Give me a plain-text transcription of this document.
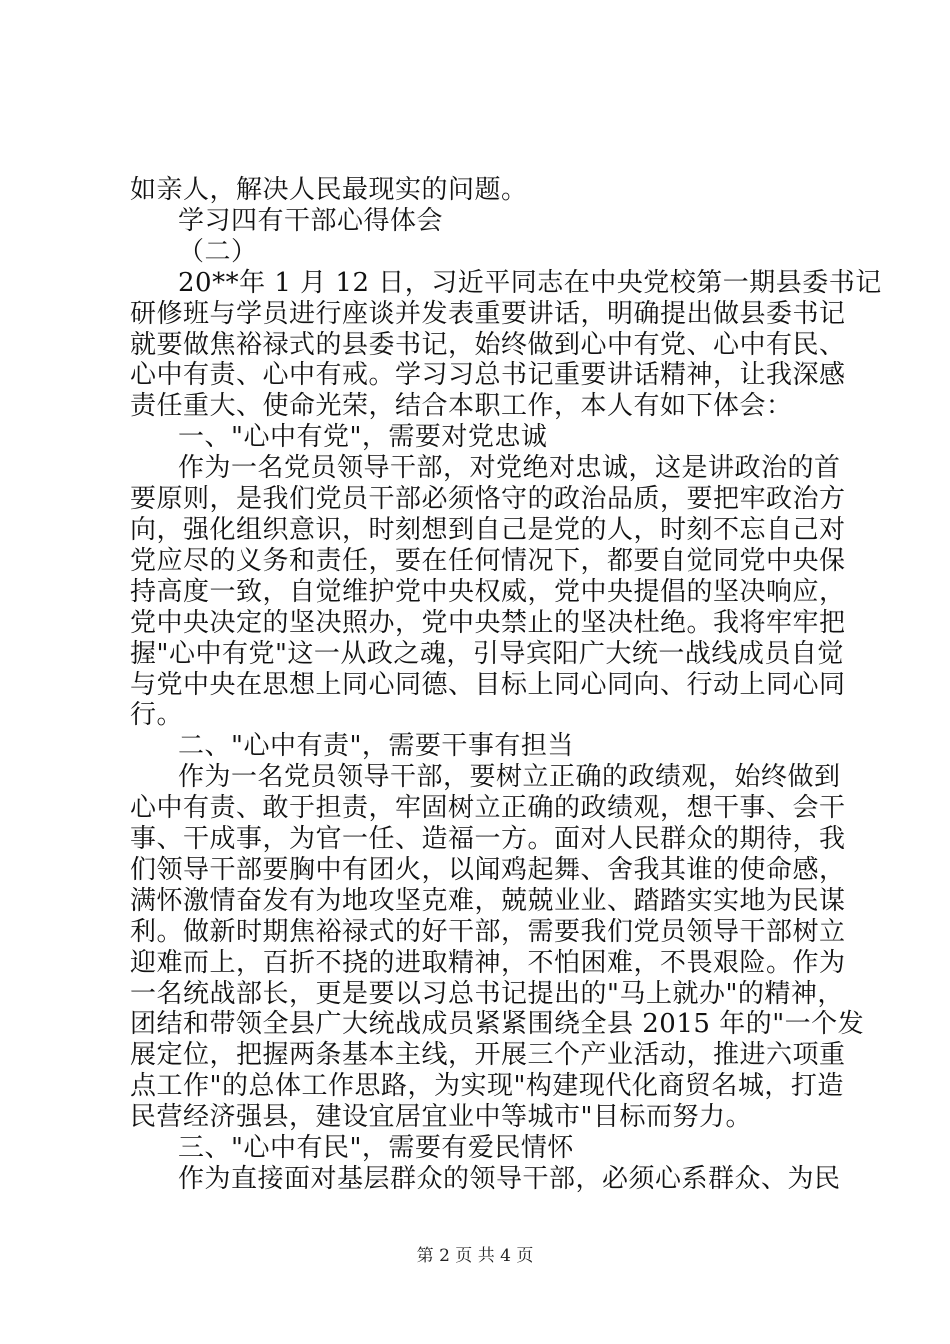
如亲人，解决人民最现实的问题。
学习四有干部心得体会
（二）
20**年 1 月 12 日，习近平同志在中央党校第一期县委书记
研修班与学员进行座谈并发表重要讲话，明确提出做县委书记
就要做焦裕禄式的县委书记，始终做到心中有党、心中有民、
心中有责、心中有戒。学习习总书记重要讲话精神，让我深感
责任重大、使命光荣，结合本职工作，本人有如下体会：
一、"心中有党"，需要对党忠诚
作为一名党员领导干部，对党绝对忠诚，这是讲政治的首
要原则，是我们党员干部必须恪守的政治品质，要把牢政治方
向，强化组织意识，时刻想到自己是党的人，时刻不忘自己对
党应尽的义务和责任，要在任何情况下，都要自觉同党中央保
持高度一致，自觉维护党中央权威，党中央提倡的坚决响应，
党中央决定的坚决照办，党中央禁止的坚决杜绝。我将牢牢把
握"心中有党"这一从政之魂，引导宾阳广大统一战线成员自觉
与党中央在思想上同心同德、目标上同心同向、行动上同心同
行。
二、"心中有责"，需要干事有担当
作为一名党员领导干部，要树立正确的政绩观，始终做到
心中有责、敢于担责，牢固树立正确的政绩观，想干事、会干
事、干成事，为官一任、造福一方。面对人民群众的期待，我
们领导干部要胸中有团火，以闻鸡起舞、舍我其谁的使命感，
满怀激情奋发有为地攻坚克难，兢兢业业、踏踏实实地为民谋
利。做新时期焦裕禄式的好干部，需要我们党员领导干部树立
迎难而上，百折不挠的进取精神，不怕困难，不畏艰险。作为
一名统战部长，更是要以习总书记提出的"马上就办"的精神，
团结和带领全县广大统战成员紧紧围绕全县 2015 年的"一个发
展定位，把握两条基本主线，开展三个产业活动，推进六项重
点工作"的总体工作思路，为实现"构建现代化商贸名城，打造
民营经济强县，建设宜居宜业中等城市"目标而努力。
三、"心中有民"，需要有爱民情怀
作为直接面对基层群众的领导干部，必须心系群众、为民
第 2 页 共 4 页
